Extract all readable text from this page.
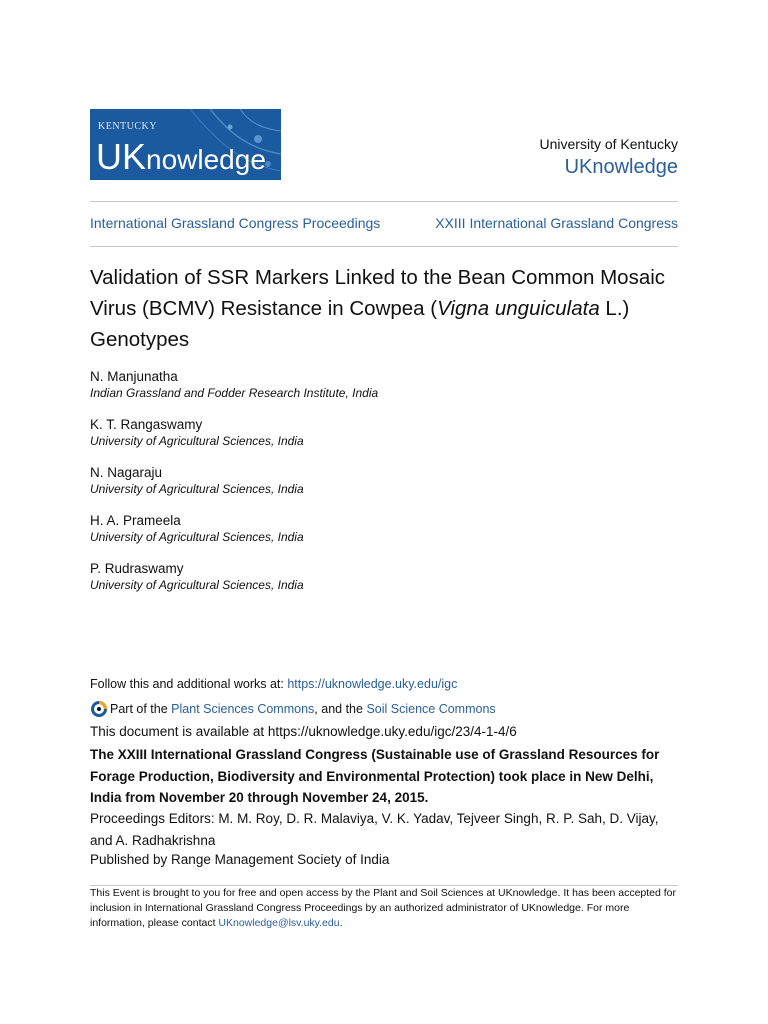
KENTUCKY
UKnowledge	University of Kentucky
UKnowledge
International Grassland Congress Proceedings	XXIII International Grassland Congress
Validation of SSR Markers Linked to the Bean Common Mosaic Virus (BCMV) Resistance in Cowpea (Vigna unguiculata L.) Genotypes
N. Manjunatha
Indian Grassland and Fodder Research Institute, India
K. T. Rangaswamy
University of Agricultural Sciences, India
N. Nagaraju
University of Agricultural Sciences, India
H. A. Prameela
University of Agricultural Sciences, India
P. Rudraswamy
University of Agricultural Sciences, India
Follow this and additional works at: https://uknowledge.uky.edu/igc
Part of the
Plant Sciences Commons , and the
Soil Science Commons
This document is available at https://uknowledge.uky.edu/igc/23/4-1-4/6
The XXIII International Grassland Congress (Sustainable use of Grassland Resources for Forage Production, Biodiversity and Environmental Protection) took place in New Delhi, India from November 20 through November 24, 2015.
Proceedings Editors: M. M. Roy, D. R. Malaviya, V. K. Yadav, Tejveer Singh, R. P. Sah, D. Vijay, and A. Radhakrishna
Published by Range Management Society of India
This Event is brought to you for free and open access by the Plant and Soil Sciences at UKnowledge. It has been accepted for inclusion in International Grassland Congress Proceedings by an authorized administrator of UKnowledge. For more information, please contact UKnowledge@lsv.uky.edu.
